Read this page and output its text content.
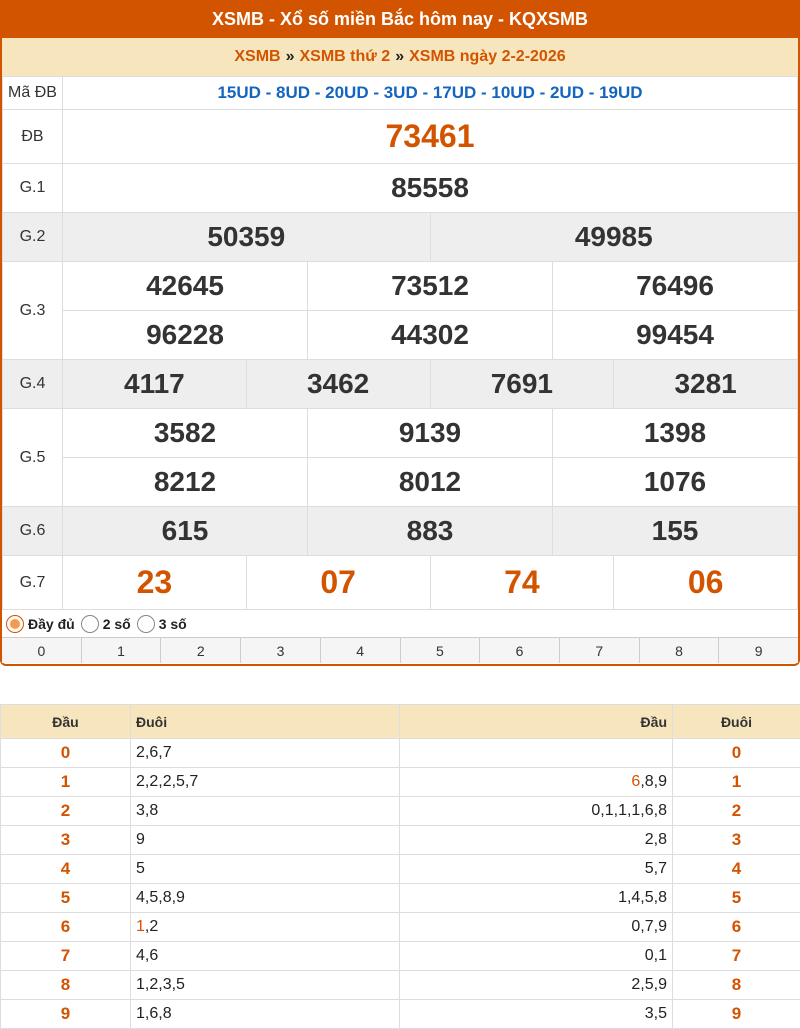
XSMB - Xổ số miền Bắc hôm nay - KQXSMB
XSMB » XSMB thứ 2 » XSMB ngày 2-2-2026
Mã ĐB	15UD - 8UD - 20UD - 3UD - 17UD - 10UD - 2UD - 19UD					
ĐB	73461					
G.1	85558					
G.2	50359			49985		
G.3	42645		73512		76496	
	96228		44302		99454	
G.4	4117	3462		7691		3281
G.5	3582		9139		1398	
	8212		8012		1076	
G.6	615		883		155	
G.7	23	07		74		06
Đầy đủ 2 số 3 số
0	1	2	3	4	5	6	7	8	9
Đầu	Đuôi	Đầu	Đuôi
0	2,6,7		0
1	2,2,2,5,7	6,8,9	1
2	3,8	0,1,1,1,6,8	2
3	9	2,8	3
4	5	5,7	4
5	4,5,8,9	1,4,5,8	5
6	1,2	0,7,9	6
7	4,6	0,1	7
8	1,2,3,5	2,5,9	8
9	1,6,8	3,5	9
